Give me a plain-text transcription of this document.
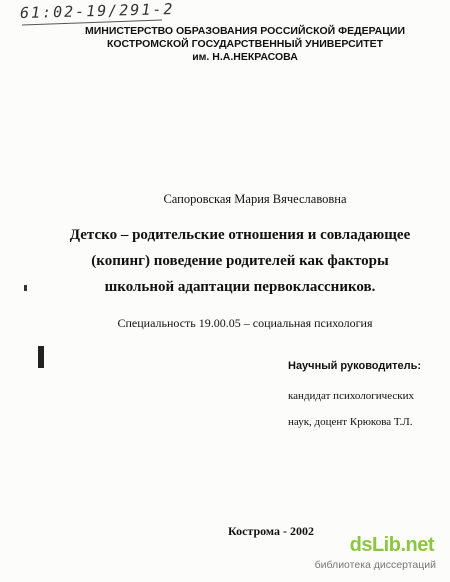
61:02-19/291-2
МИНИСТЕРСТВО ОБРАЗОВАНИЯ РОССИЙСКОЙ ФЕДЕРАЦИИ
КОСТРОМСКОЙ ГОСУДАРСТВЕННЫЙ УНИВЕРСИТЕТ
им. Н.А.НЕКРАСОВА
Сапоровская Мария Вячеславовна
Детско – родительские отношения и совладающее
(копинг) поведение родителей как факторы
школьной адаптации первоклассников.
Специальность 19.00.05 – социальная психология
Научный руководитель:
кандидат психологических
наук, доцент Крюкова Т.Л.
Кострома - 2002
dsLib.net
библиотека диссертаций
